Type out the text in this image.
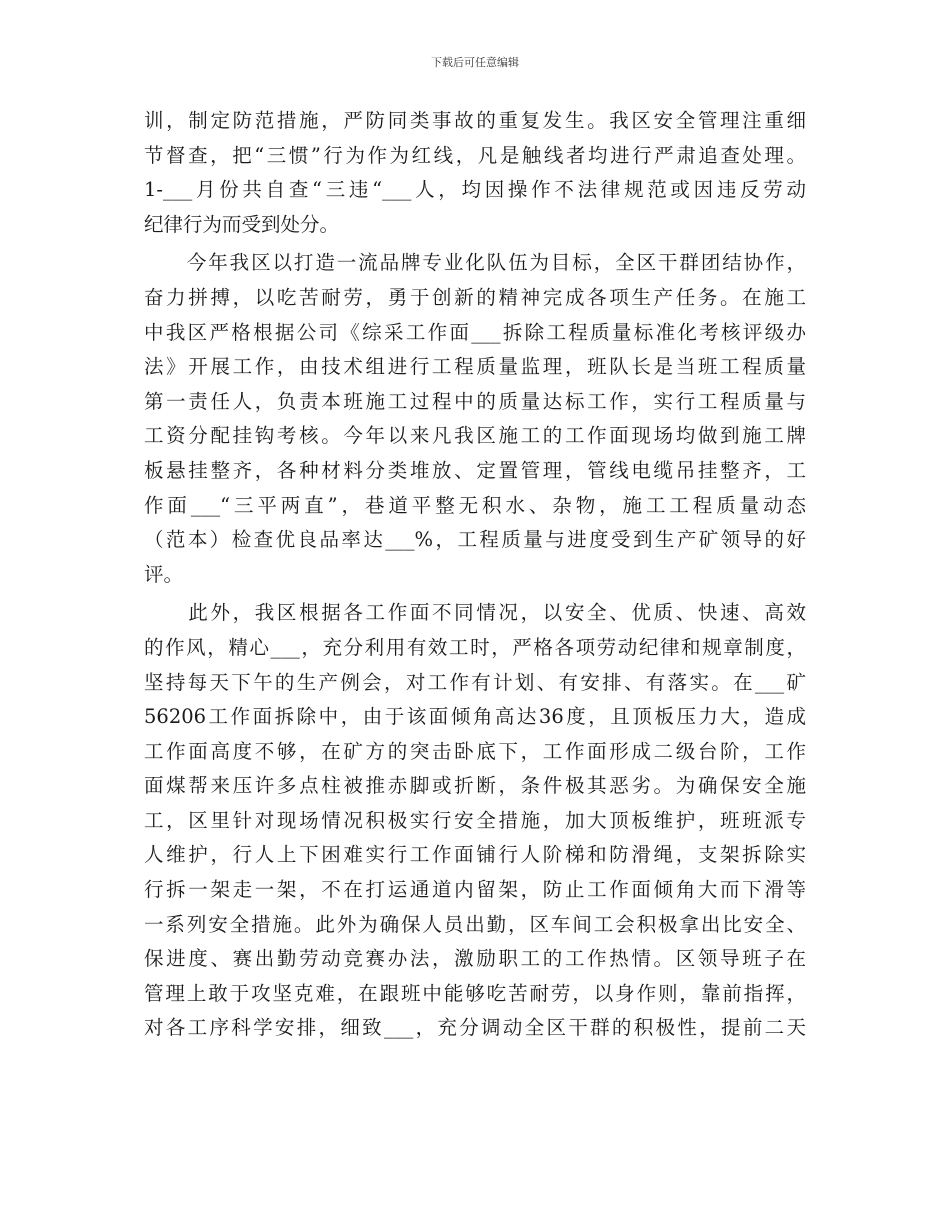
下载后可任意编辑
训，制定防范措施，严防同类事故的重复发生。我区安全管理注重细
节督查，把“三惯”行为作为红线，凡是触线者均进行严肃追查处理。
1-___月份共自查“三违“___人，均因操作不法律规范或因违反劳动
纪律行为而受到处分。
　　今年我区以打造一流品牌专业化队伍为目标，全区干群团结协作，
奋力拼搏，以吃苦耐劳，勇于创新的精神完成各项生产任务。在施工
中我区严格根据公司《综采工作面___拆除工程质量标准化考核评级办
法》开展工作，由技术组进行工程质量监理，班队长是当班工程质量
第一责任人，负责本班施工过程中的质量达标工作，实行工程质量与
工资分配挂钩考核。今年以来凡我区施工的工作面现场均做到施工牌
板悬挂整齐，各种材料分类堆放、定置管理，管线电缆吊挂整齐，工
作面___“三平两直”，巷道平整无积水、杂物，施工工程质量动态
（范本）检查优良品率达___%，工程质量与进度受到生产矿领导的好
评。
　　此外，我区根据各工作面不同情况，以安全、优质、快速、高效
的作风，精心___，充分利用有效工时，严格各项劳动纪律和规章制度，
坚持每天下午的生产例会，对工作有计划、有安排、有落实。在___矿
56206工作面拆除中，由于该面倾角高达36度，且顶板压力大，造成
工作面高度不够，在矿方的突击卧底下，工作面形成二级台阶，工作
面煤帮来压许多点柱被推赤脚或折断，条件极其恶劣。为确保安全施
工，区里针对现场情况积极实行安全措施，加大顶板维护，班班派专
人维护，行人上下困难实行工作面铺行人阶梯和防滑绳，支架拆除实
行拆一架走一架，不在打运通道内留架，防止工作面倾角大而下滑等
一系列安全措施。此外为确保人员出勤，区车间工会积极拿出比安全、
保进度、赛出勤劳动竞赛办法，激励职工的工作热情。区领导班子在
管理上敢于攻坚克难，在跟班中能够吃苦耐劳，以身作则，靠前指挥，
对各工序科学安排，细致___，充分调动全区干群的积极性，提前二天
